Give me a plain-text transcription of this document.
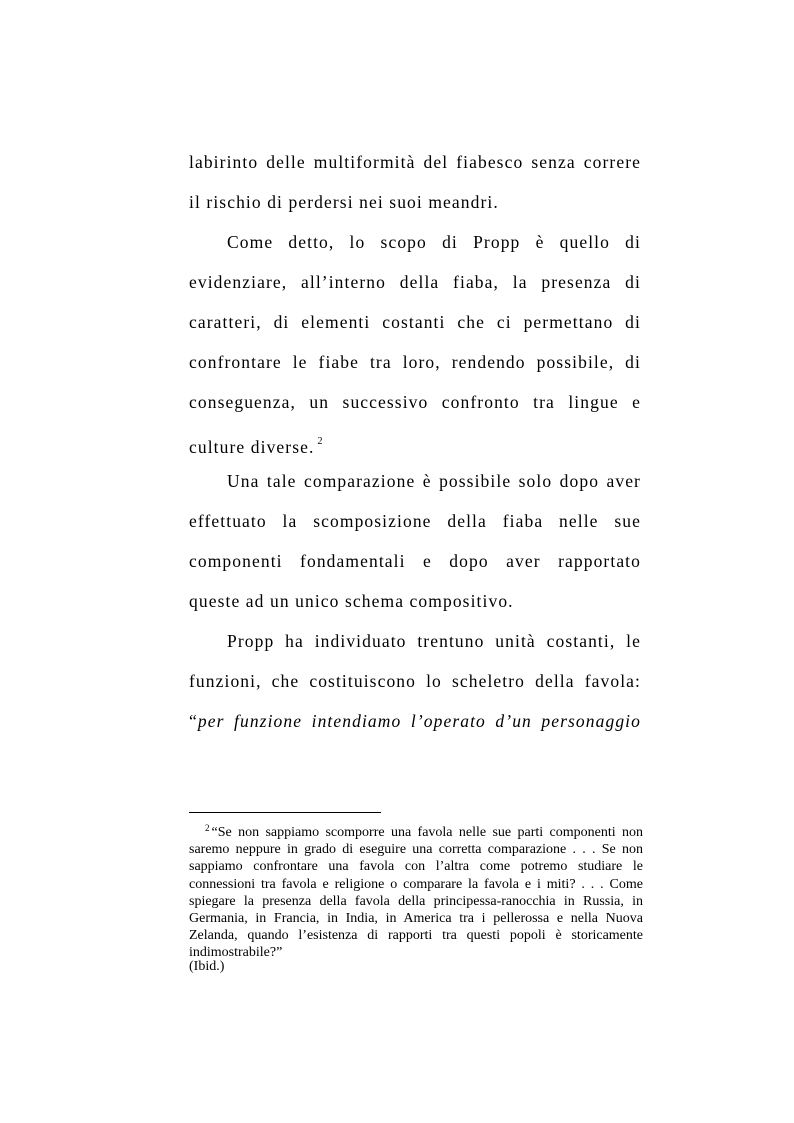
labirinto delle multiformità del fiabesco senza correre
il rischio di perdersi nei suoi meandri.
Come detto, lo scopo di Propp è quello di
evidenziare, all’interno della fiaba, la presenza di
caratteri, di elementi costanti che ci permettano di
confrontare le fiabe tra loro, rendendo possibile, di
conseguenza, un successivo confronto tra lingue e
culture diverse. $^2$
Una tale comparazione è possibile solo dopo aver
effettuato la scomposizione della fiaba nelle sue
componenti fondamentali e dopo aver rapportato
queste ad un unico schema compositivo.
Propp ha individuato trentuno unità costanti, le
funzioni, che costituiscono lo scheletro della favola:
“per funzione intendiamo l’operato d’un personaggio
$^2$ “Se non sappiamo scomporre una favola nelle sue parti componenti non saremo neppure in grado di eseguire una corretta comparazione . . . Se non sappiamo confrontare una favola con l’altra come potremo studiare le connessioni tra favola e religione o comparare la favola e i miti? . . . Come spiegare la presenza della favola della principessa-ranocchia in Russia, in Germania, in Francia, in India, in America tra i pellerossa e nella Nuova Zelanda, quando l’esistenza di rapporti tra questi popoli è storicamente indimostrabile?”
(Ibid.)
